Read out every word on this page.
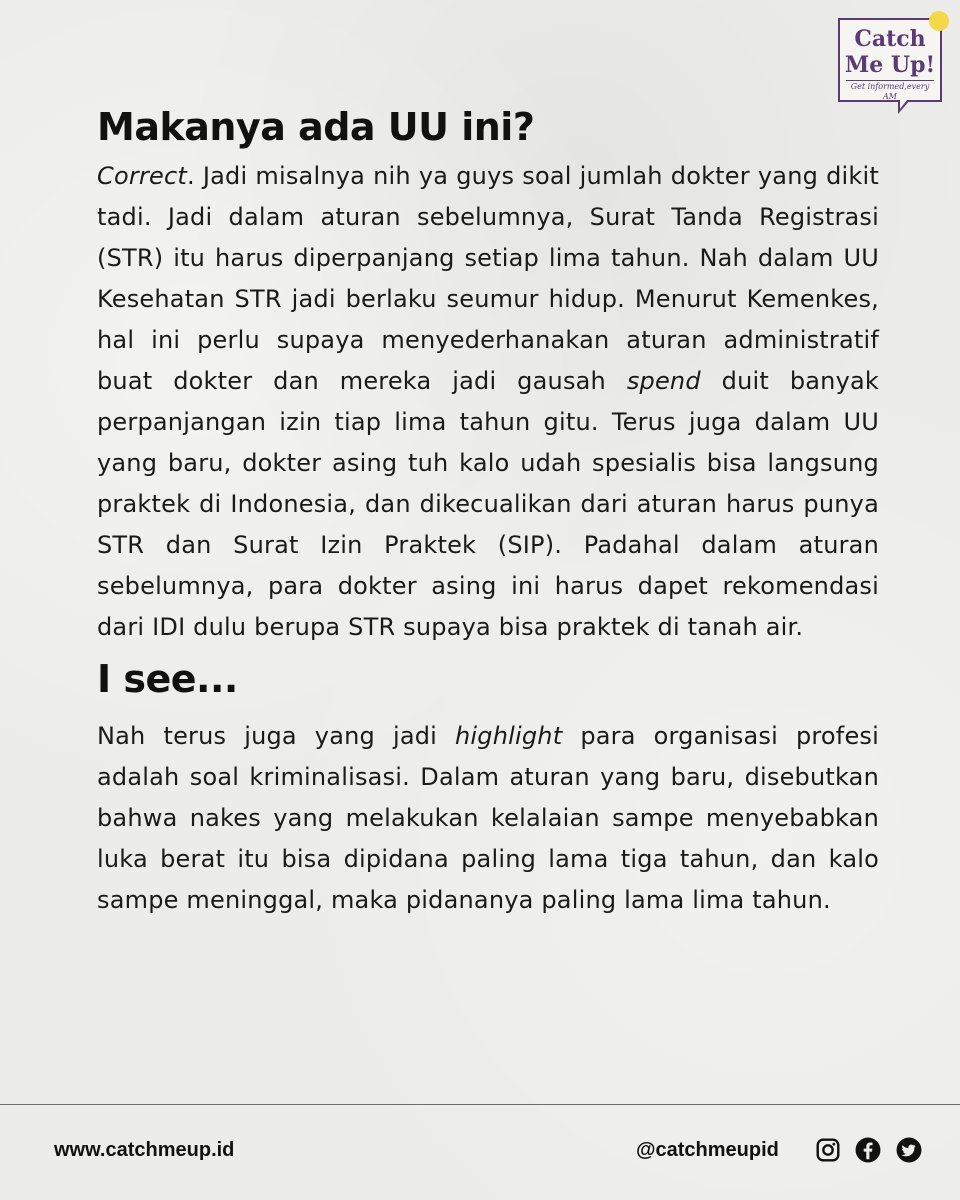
Catch
Me Up!
Get informed,every AM
Makanya ada UU ini?

Correct. Jadi misalnya nih ya guys soal jumlah dokter yang dikit tadi. Jadi dalam aturan sebelumnya, Surat Tanda Registrasi (STR) itu harus diperpanjang setiap lima tahun. Nah dalam UU Kesehatan STR jadi berlaku seumur hidup. Menurut Kemenkes, hal ini perlu supaya menyederhanakan aturan administratif buat dokter dan mereka jadi gausah spend duit banyak perpanjangan izin tiap lima tahun gitu. Terus juga dalam UU yang baru, dokter asing tuh kalo udah spesialis bisa langsung praktek di Indonesia, dan dikecualikan dari aturan harus punya STR dan Surat Izin Praktek (SIP). Padahal dalam aturan sebelumnya, para dokter asing ini harus dapet rekomendasi dari IDI dulu berupa STR supaya bisa praktek di tanah air.

I see...

Nah terus juga yang jadi highlight para organisasi profesi adalah soal kriminalisasi. Dalam aturan yang baru, disebutkan bahwa nakes yang melakukan kelalaian sampe menyebabkan luka berat itu bisa dipidana paling lama tiga tahun, dan kalo sampe meninggal, maka pidananya paling lama lima tahun.

www.catchmeup.id	@catchmeupid
